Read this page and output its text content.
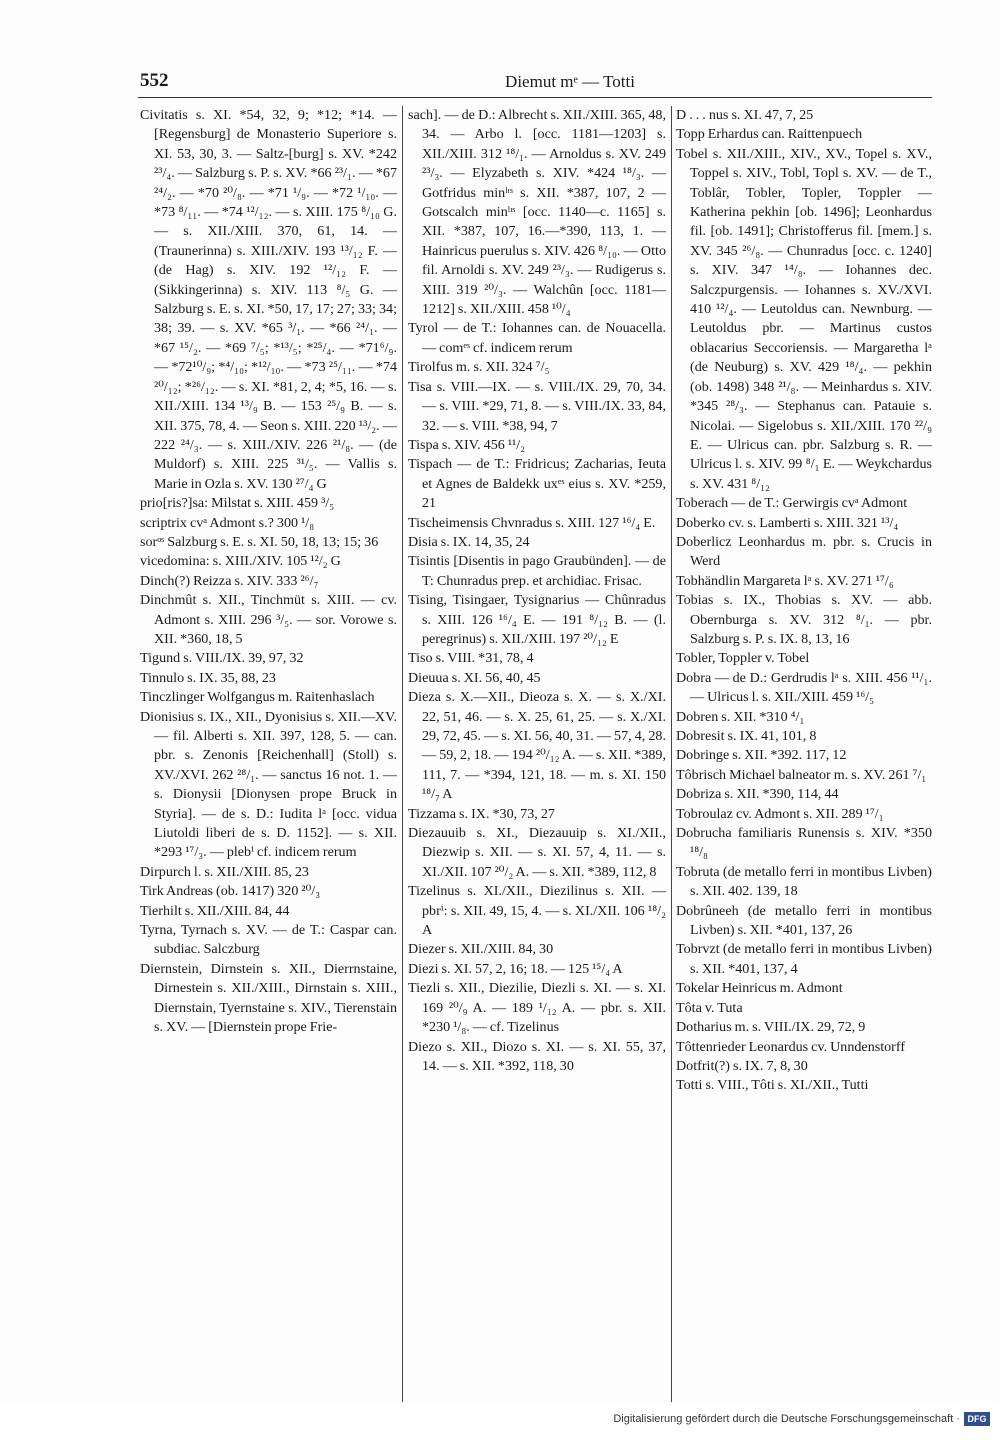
552	Diemut mᵉ — Totti
Civitatis s. XI. *54, 32, 9; *12; *14. — [Regensburg] de Monasterio Superiore s. XI. 53, 30, 3. — Saltz-[burg] s. XV. *242 ²³/₄. — Salzburg s. P. s. XV. *66 ²³/₁. — *67 ²⁴/₂. — *70 ²⁰/₈. — *71 ¹/₉. — *72 ¹/₁₀. — *73 ⁸/₁₁. — *74 ¹²/₁₂. — s. XIII. 175 ⁸/₁₀ G. — s. XII./XIII. 370, 61, 14. — (Traunerinna) s. XIII./XIV. 193 ¹³/₁₂ F. — (de Hag) s. XIV. 192 ¹²/₁₂ F. — (Sikkingerinna) s. XIV. 113 ⁸/₅ G. — Salzburg s. E. s. XI. *50, 17, 17; 27; 33; 34; 38; 39. — s. XV. *65 ³/₁. — *66 ²⁴/₁. — *67 ¹⁵/₂. — *69 ⁷/₅; *¹³/₅; *²⁵/₄. — *71⁶/₉. — *72¹⁰/₉; *⁴/₁₀; *¹²/₁₀. — *73 ²⁵/₁₁. — *74 ²⁰/₁₂; *²⁶/₁₂. — s. XI. *81, 2, 4; *5, 16. — s. XII./XIII. 134 ¹³/₉ B. — 153 ²⁵/₉ B. — s. XII. 375, 78, 4. — Seon s. XIII. 220 ¹³/₂. — 222 ²⁴/₃. — s. XIII./XIV. 226 ²¹/₈. — (de Muldorf) s. XIII. 225 ³¹/₅. — Vallis s. Marie in Ozla s. XV. 130 ²⁷/₄ G
prio[ris?]sa: Milstat s. XIII. 459 ³/₅
scriptrix cvᵃ Admont s.? 300 ¹/₈
sorᵒˢ Salzburg s. E. s. XI. 50, 18, 13; 15; 36
vicedomina: s. XIII./XIV. 105 ¹²/₂ G
Dinch(?) Reizza s. XIV. 333 ²⁶/₇
Dinchmût s. XII., Tinchmüt s. XIII. — cv. Admont s. XIII. 296 ³/₅. — sor. Vorowe s. XII. *360, 18, 5
Tigund s. VIII./IX. 39, 97, 32
Tinnulo s. IX. 35, 88, 23
Tinczlinger Wolfgangus m. Raitenhaslach
Dionisius s. IX., XII., Dyonisius s. XII.—XV. — fil. Alberti s. XII. 397, 128, 5. — can. pbr. s. Zenonis [Reichenhall] (Stoll) s. XV./XVI. 262 ²⁸/₁. — sanctus 16 not. 1. — s. Dionysii [Dionysen prope Bruck in Styria]. — de s. D.: Iudita lᵃ [occ. vidua Liutoldi liberi de s. D. 1152]. — s. XII. *293 ¹⁷/₃. — plebⁱ cf. indicem rerum
Dirpurch l. s. XII./XIII. 85, 23
Tirk Andreas (ob. 1417) 320 ²⁰/₃
Tierhilt s. XII./XIII. 84, 44
Tyrna, Tyrnach s. XV. — de T.: Caspar can. subdiac. Salczburg
Diernstein, Dirnstein s. XII., Dierrnstaine, Dirnestein s. XII./XIII., Dirnstain s. XIII., Diernstain, Tyernstaine s. XIV., Tierenstain s. XV. — [Diernstein prope Frie-
sach]. — de D.: Albrecht s. XII./XIII. 365, 48, 34. — Arbo l. [occ. 1181—1203] s. XII./XIII. 312 ¹⁸/₁. — Arnoldus s. XV. 249 ²³/₃. — Elyzabeth s. XIV. *424 ¹⁸/₃. — Gotfridus minˡᶦˢ s. XII. *387, 107, 2 — Gotscalch minˡᶦˢ [occ. 1140—c. 1165] s. XII. *387, 107, 16.—*390, 113, 1. — Hainricus puerulus s. XIV. 426 ⁸/₁₀. — Otto fil. Arnoldi s. XV. 249 ²³/₃. — Rudigerus s. XIII. 319 ²⁰/₃. — Walchûn [occ. 1181—1212] s. XII./XIII. 458 ¹⁰/₄
Tyrol — de T.: Iohannes can. de Nouacella. — comᵉˢ cf. indicem rerum
Tirolfus m. s. XII. 324 ⁷/₅
Tisa s. VIII.—IX. — s. VIII./IX. 29, 70, 34. — s. VIII. *29, 71, 8. — s. VIII./IX. 33, 84, 32. — s. VIII. *38, 94, 7
Tispa s. XIV. 456 ¹¹/₂
Tispach — de T.: Fridricus; Zacharias, Ieuta et Agnes de Baldekk uxᵉˢ eius s. XV. *259, 21
Tischeimensis Chvnradus s. XIII. 127 ¹⁶/₄ E.
Disia s. IX. 14, 35, 24
Tisintis [Disentis in pago Graubünden]. — de T: Chunradus prep. et archidiac. Frisac.
Tising, Tisingaer, Tysignarius — Chûnradus s. XIII. 126 ¹⁶/₄ E. — 191 ⁸/₁₂ B. — (l. peregrinus) s. XII./XIII. 197 ²⁰/₁₂ E
Tiso s. VIII. *31, 78, 4
Dieuua s. XI. 56, 40, 45
Dieza s. X.—XII., Dieoza s. X. — s. X./XI. 22, 51, 46. — s. X. 25, 61, 25. — s. X./XI. 29, 72, 45. — s. XI. 56, 40, 31. — 57, 4, 28. — 59, 2, 18. — 194 ²⁰/₁₂ A. — s. XII. *389, 111, 7. — *394, 121, 18. — m. s. XI. 150 ¹⁸/₇ A
Tizzama s. IX. *30, 73, 27
Diezauuib s. XI., Diezauuip s. XI./XII., Diezwip s. XII. — s. XI. 57, 4, 11. — s. XI./XII. 107 ²⁰/₂ A. — s. XII. *389, 112, 8
Tizelinus s. XI./XII., Diezilinus s. XII. — pbrⁱ: s. XII. 49, 15, 4. — s. XI./XII. 106 ¹⁸/₂ A
Diezer s. XII./XIII. 84, 30
Diezi s. XI. 57, 2, 16; 18. — 125 ¹⁵/₄ A
Tiezli s. XII., Diezilie, Diezli s. XI. — s. XI. 169 ²⁰/₉ A. — 189 ¹/₁₂ A. — pbr. s. XII. *230 ¹/₈. — cf. Tizelinus
Diezo s. XII., Diozo s. XI. — s. XI. 55, 37, 14. — s. XII. *392, 118, 30
D . . . nus s. XI. 47, 7, 25
Topp Erhardus can. Raittenpuech
Tobel s. XII./XIII., XIV., XV., Topel s. XV., Toppel s. XIV., Tobl, Topl s. XV. — de T., Toblâr, Tobler, Topler, Toppler — Katherina pekhin [ob. 1496]; Leonhardus fil. [ob. 1491]; Christofferus fil. [mem.] s. XV. 345 ²⁶/₈. — Chunradus [occ. c. 1240] s. XIV. 347 ¹⁴/₈. — Iohannes dec. Salczpurgensis. — Iohannes s. XV./XVI. 410 ¹²/₄. — Leutoldus can. Newnburg. — Leutoldus pbr. — Martinus custos oblacarius Seccoriensis. — Margaretha lᵃ (de Neuburg) s. XV. 429 ¹⁸/₄. — pekhin (ob. 1498) 348 ²¹/₈. — Meinhardus s. XIV. *345 ²⁸/₃. — Stephanus can. Patauie s. Nicolai. — Sigelobus s. XII./XIII. 170 ²²/₉ E. — Ulricus can. pbr. Salzburg s. R. — Ulricus l. s. XIV. 99 ⁸/₁ E. — Weykchardus s. XV. 431 ⁸/₁₂
Toberach — de T.: Gerwirgis cvᵃ Admont
Doberko cv. s. Lamberti s. XIII. 321 ¹³/₄
Doberlicz Leonhardus m. pbr. s. Crucis in Werd
Tobhändlin Margareta lᵃ s. XV. 271 ¹⁷/₆
Tobias s. IX., Thobias s. XV. — abb. Obernburga s. XV. 312 ⁸/₁. — pbr. Salzburg s. P. s. IX. 8, 13, 16
Tobler, Toppler v. Tobel
Dobra — de D.: Gerdrudis lᵃ s. XIII. 456 ¹¹/₁. — Ulricus l. s. XII./XIII. 459 ¹⁶/₅
Dobren s. XII. *310 ⁴/₁
Dobresit s. IX. 41, 101, 8
Dobringe s. XII. *392. 117, 12
Tôbrisch Michael balneator m. s. XV. 261 ⁷/₁
Dobriza s. XII. *390, 114, 44
Tobroulaz cv. Admont s. XII. 289 ¹⁷/₁
Dobrucha familiaris Runensis s. XIV. *350 ¹⁸/₈
Tobruta (de metallo ferri in montibus Livben) s. XII. 402. 139, 18
Dobrûneeh (de metallo ferri in montibus Livben) s. XII. *401, 137, 26
Tobrvzt (de metallo ferri in montibus Livben) s. XII. *401, 137, 4
Tokelar Heinricus m. Admont
Tôta v. Tuta
Dotharius m. s. VIII./IX. 29, 72, 9
Tôttenrieder Leonardus cv. Unndenstorff
Dotfrit(?) s. IX. 7, 8, 30
Totti s. VIII., Tôti s. XI./XII., Tutti
Digitalisierung gefördert durch die Deutsche Forschungsgemeinschaft · DFG
